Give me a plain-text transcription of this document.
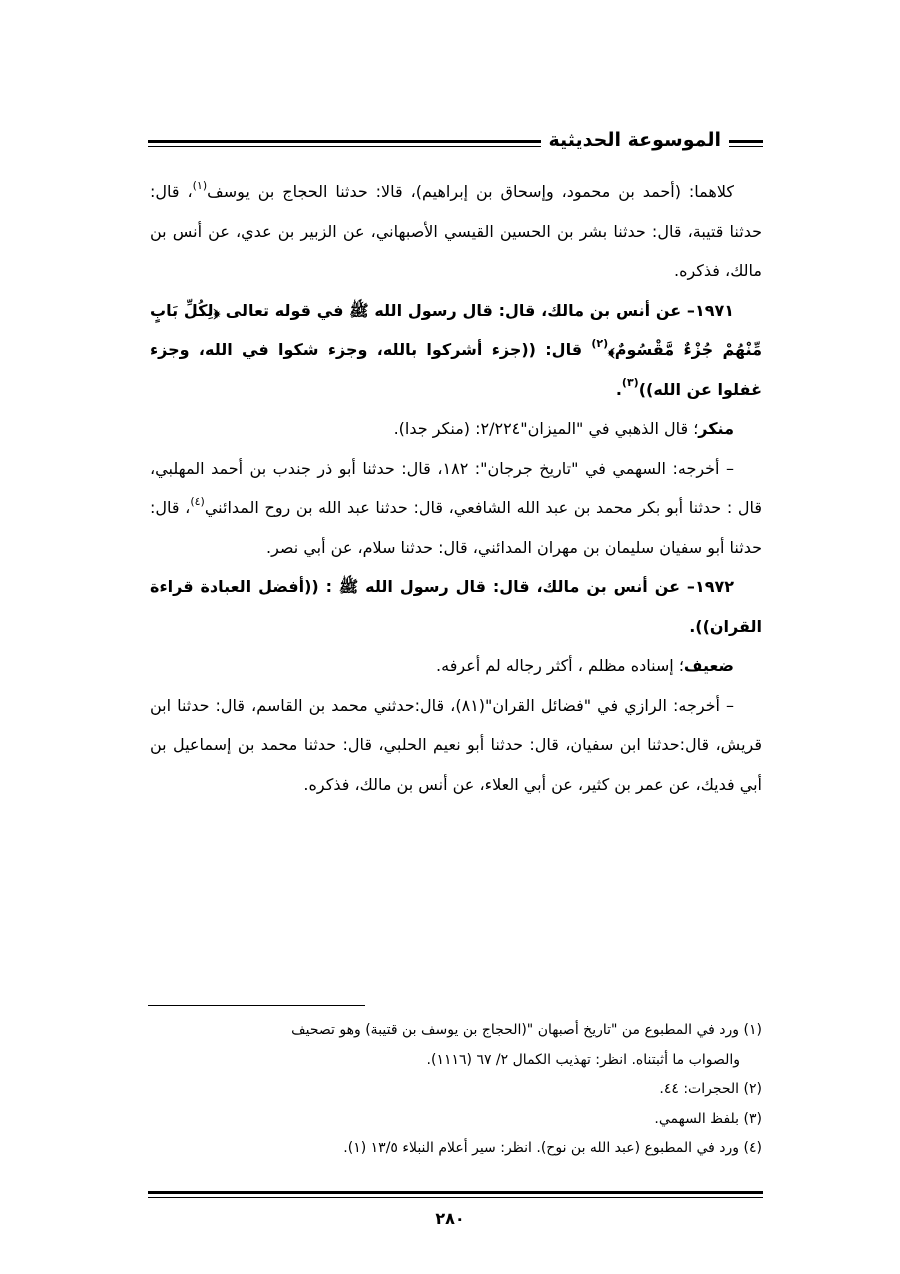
الموسوعة الحديثية

كلاهما: (أحمد بن محمود، وإسحاق بن إبراهيم)، قالا: حدثنا الحجاج بن يوسف$^{(١)}$، قال: حدثنا قتيبة، قال: حدثنا بشر بن الحسين القيسي الأصبهاني، عن الزبير بن عدي، عن أنس بن مالك، فذكره.

١٩٧١– عن أنس بن مالك، قال: قال رسول الله ﷺ في قوله تعالى ﴿لِكُلِّ بَابٍ مِّنْهُمْ جُزْءٌ مَّقْسُومٌ﴾$^{(٢)}$ قال: ((جزء أشركوا بالله، وجزء شكوا في الله، وجزء غفلوا عن الله))$^{(٣)}$.

منكر؛ قال الذهبي في "الميزان"٢/٢٢٤: (منكر جدا).

– أخرجه: السهمي في "تاريخ جرجان": ١٨٢، قال: حدثنا أبو ذر جندب بن أحمد المهلبي، قال : حدثنا أبو بكر محمد بن عبد الله الشافعي، قال: حدثنا عبد الله بن روح المدائني$^{(٤)}$، قال: حدثنا أبو سفيان سليمان بن مهران المدائني، قال: حدثنا سلام، عن أبي نصر.

١٩٧٢– عن أنس بن مالك، قال: قال رسول الله ﷺ : ((أفضل العبادة قراءة القران)).

ضعيف؛ إسناده مظلم ، أكثر رجاله لم أعرفه.

– أخرجه: الرازي في "فضائل القران"(٨١)، قال:حدثني محمد بن القاسم، قال: حدثنا ابن قريش، قال:حدثنا ابن سفيان، قال: حدثنا أبو نعيم الحلبي، قال: حدثنا محمد بن إسماعيل بن أبي فديك، عن عمر بن كثير، عن أبي العلاء، عن أنس بن مالك، فذكره.

(١) ورد في المطبوع من "تاريخ أصبهان "(الحجاج بن يوسف بن قتيبة) وهو تصحيف
والصواب ما أثبتناه. انظر: تهذيب الكمال ٢/ ٦٧ (١١١٦).

(٢) الحجرات: ٤٤.

(٣) بلفظ السهمي.

(٤) ورد في المطبوع (عبد الله بن نوح). انظر: سير أعلام النبلاء ١٣/٥ (١).

٢٨٠
